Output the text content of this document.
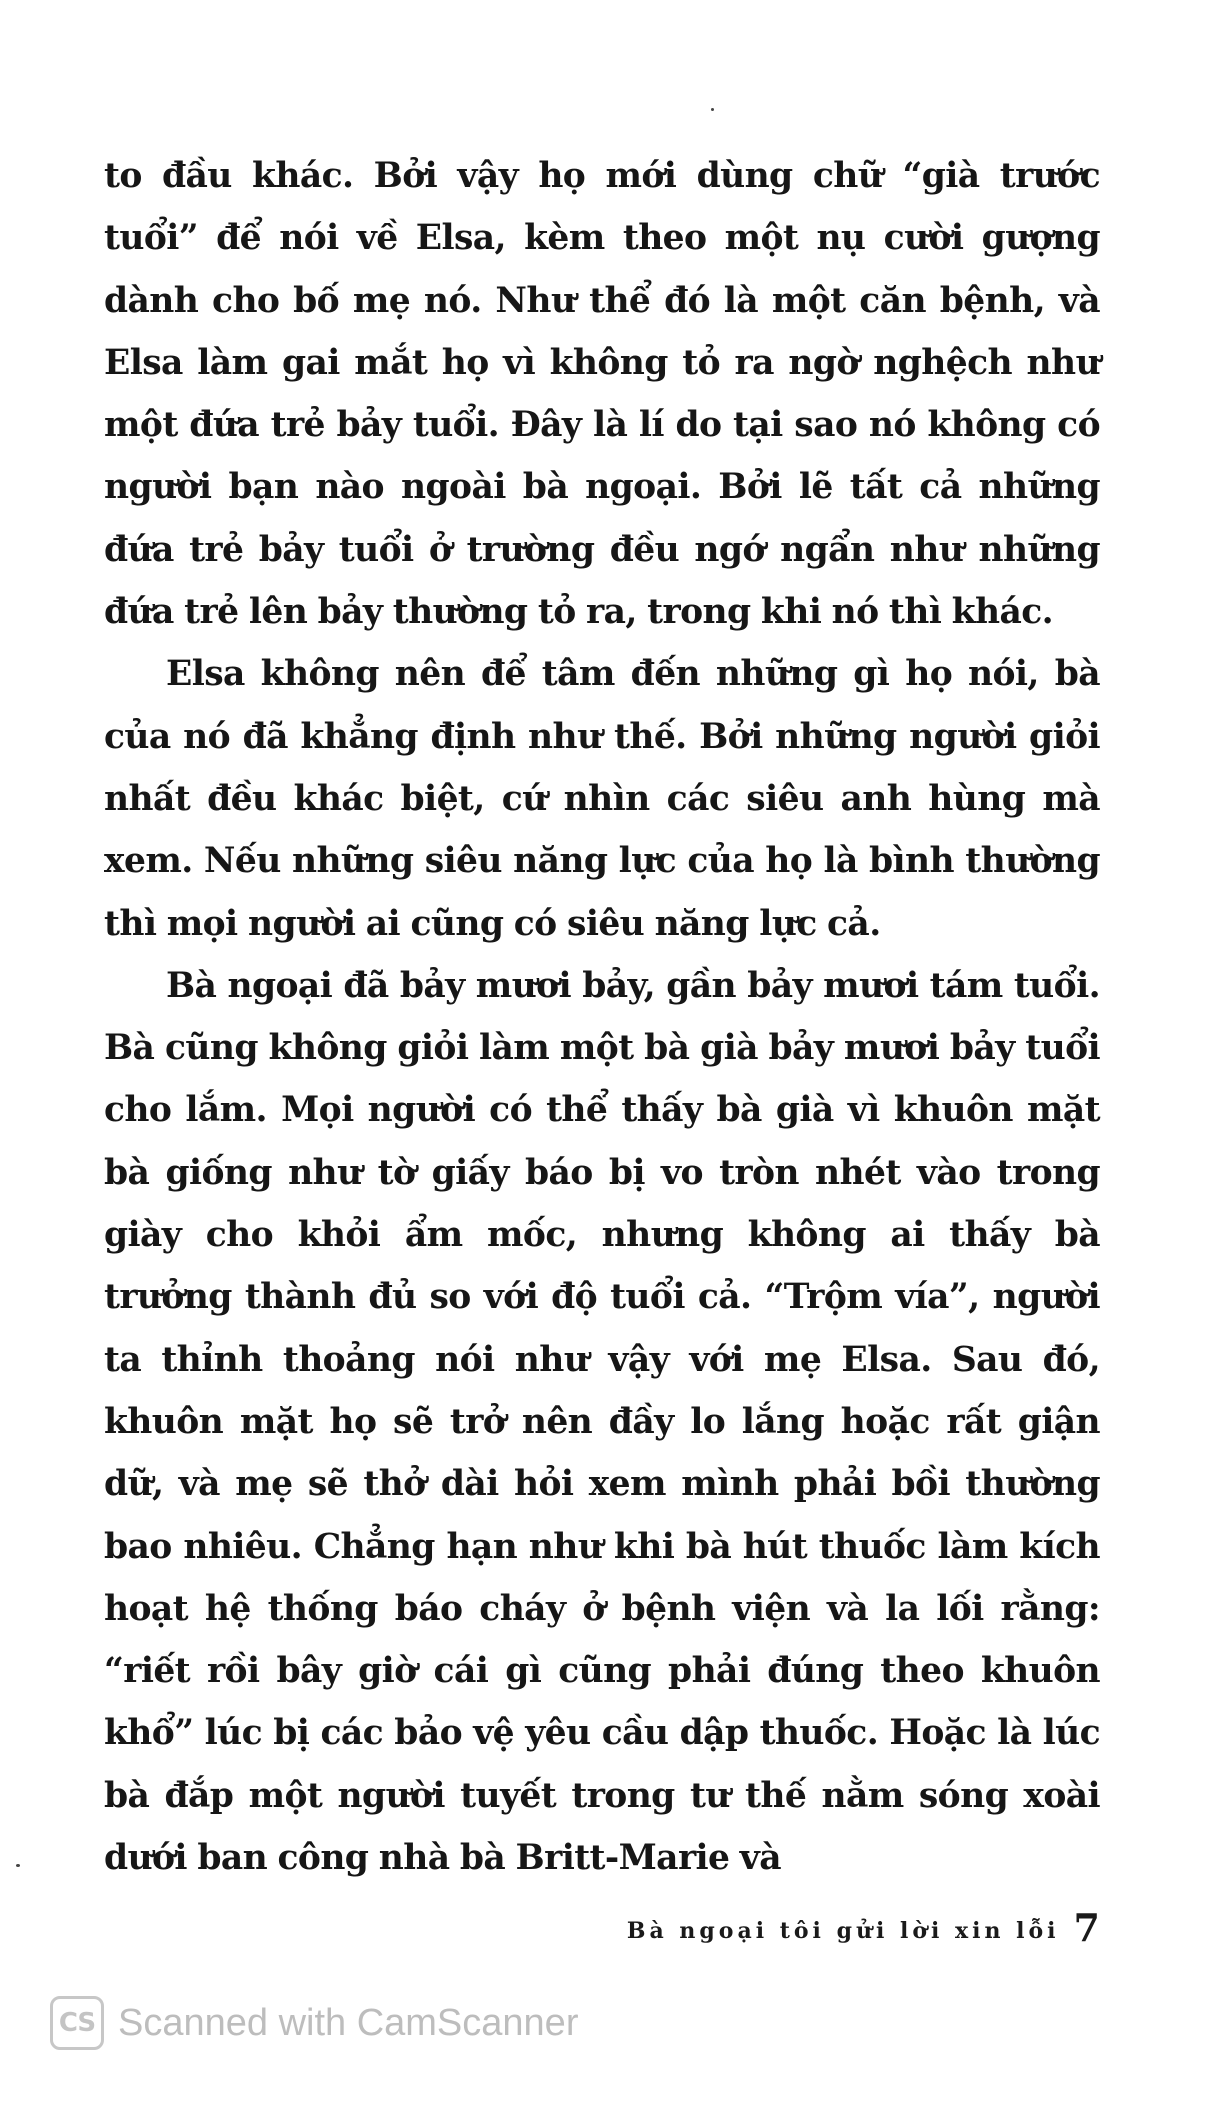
to đầu khác. Bởi vậy họ mới dùng chữ “già trước tuổi” để nói về Elsa, kèm theo một nụ cười gượng dành cho bố mẹ nó. Như thể đó là một căn bệnh, và Elsa làm gai mắt họ vì không tỏ ra ngờ nghệch như một đứa trẻ bảy tuổi. Đây là lí do tại sao nó không có người bạn nào ngoài bà ngoại. Bởi lẽ tất cả những đứa trẻ bảy tuổi ở trường đều ngớ ngẩn như những đứa trẻ lên bảy thường tỏ ra, trong khi nó thì khác.

Elsa không nên để tâm đến những gì họ nói, bà của nó đã khẳng định như thế. Bởi những người giỏi nhất đều khác biệt, cứ nhìn các siêu anh hùng mà xem. Nếu những siêu năng lực của họ là bình thường thì mọi người ai cũng có siêu năng lực cả.

Bà ngoại đã bảy mươi bảy, gần bảy mươi tám tuổi. Bà cũng không giỏi làm một bà già bảy mươi bảy tuổi cho lắm. Mọi người có thể thấy bà già vì khuôn mặt bà giống như tờ giấy báo bị vo tròn nhét vào trong giày cho khỏi ẩm mốc, nhưng không ai thấy bà trưởng thành đủ so với độ tuổi cả. “Trộm vía”, người ta thỉnh thoảng nói như vậy với mẹ Elsa. Sau đó, khuôn mặt họ sẽ trở nên đầy lo lắng hoặc rất giận dữ, và mẹ sẽ thở dài hỏi xem mình phải bồi thường bao nhiêu. Chẳng hạn như khi bà hút thuốc làm kích hoạt hệ thống báo cháy ở bệnh viện và la lối rằng: “riết rồi bây giờ cái gì cũng phải đúng theo khuôn khổ” lúc bị các bảo vệ yêu cầu dập thuốc. Hoặc là lúc bà đắp một người tuyết trong tư thế nằm sóng xoài dưới ban công nhà bà Britt-Marie và

Bà ngoại tôi gửi lời xin lỗi 7
CS Scanned with CamScanner
